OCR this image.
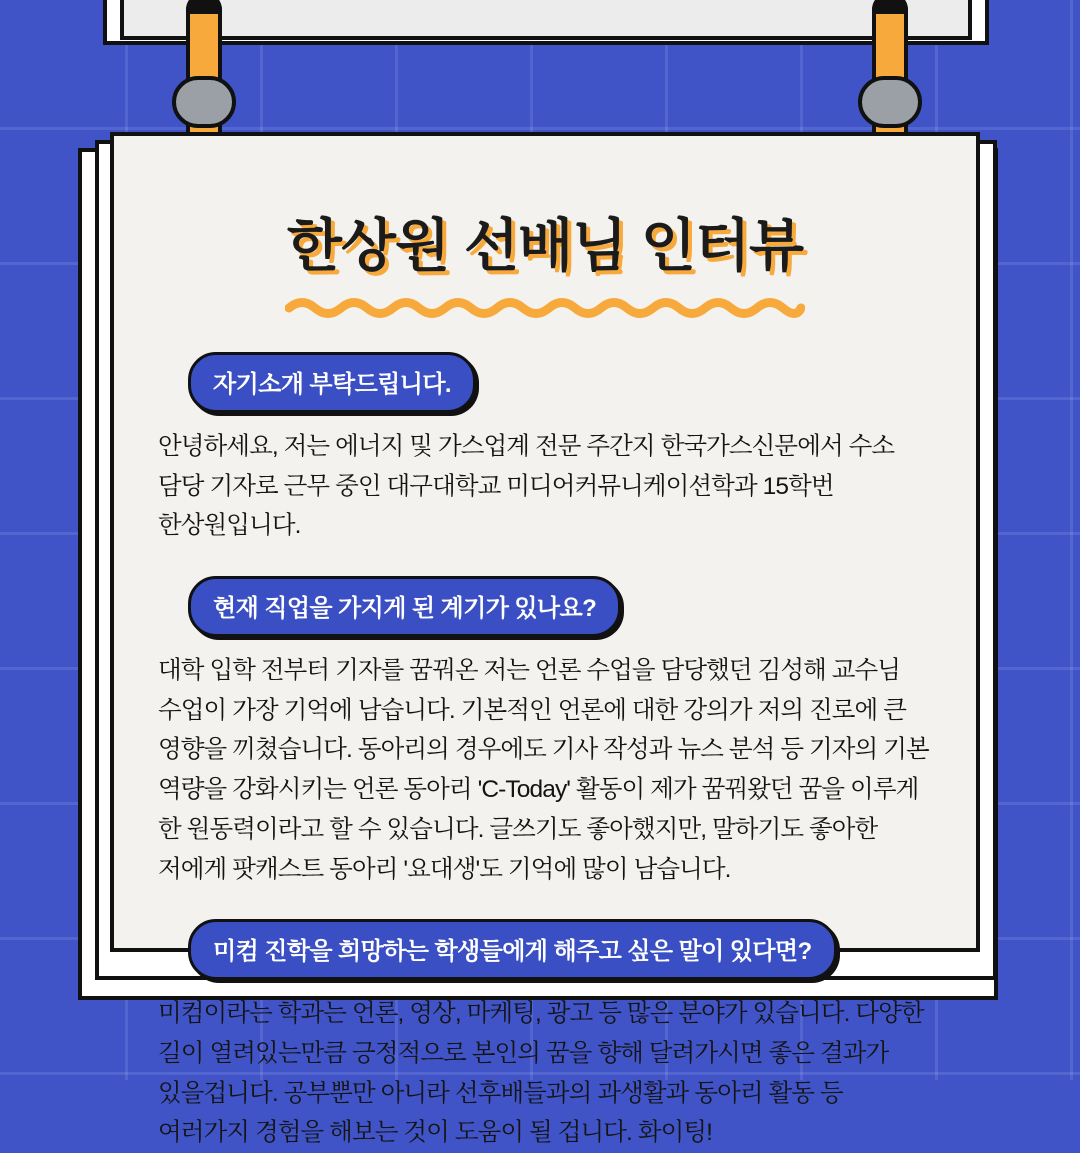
한상원 선배님 인터뷰
자기소개 부탁드립니다.

안녕하세요, 저는 에너지 및 가스업계 전문 주간지 한국가스신문에서 수소 담당 기자로 근무 중인 대구대학교 미디어커뮤니케이션학과 15학번 한상원입니다.

현재 직업을 가지게 된 계기가 있나요?

대학 입학 전부터 기자를 꿈꿔온 저는 언론 수업을 담당했던 김성해 교수님 수업이 가장 기억에 남습니다. 기본적인 언론에 대한 강의가 저의 진로에 큰 영향을 끼쳤습니다. 동아리의 경우에도 기사 작성과 뉴스 분석 등 기자의 기본 역량을 강화시키는 언론 동아리 'C-Today' 활동이 제가 꿈꿔왔던 꿈을 이루게 한 원동력이라고 할 수 있습니다. 글쓰기도 좋아했지만, 말하기도 좋아한 저에게 팟캐스트 동아리 '요대생'도 기억에 많이 남습니다.

미컴 진학을 희망하는 학생들에게 해주고 싶은 말이 있다면?

미컴이라는 학과는 언론, 영상, 마케팅, 광고 등 많은 분야가 있습니다. 다양한 길이 열려있는만큼 긍정적으로 본인의 꿈을 향해 달려가시면 좋은 결과가 있을겁니다. 공부뿐만 아니라 선후배들과의 과생활과 동아리 활동 등 여러가지 경험을 해보는 것이 도움이 될 겁니다. 화이팅!
